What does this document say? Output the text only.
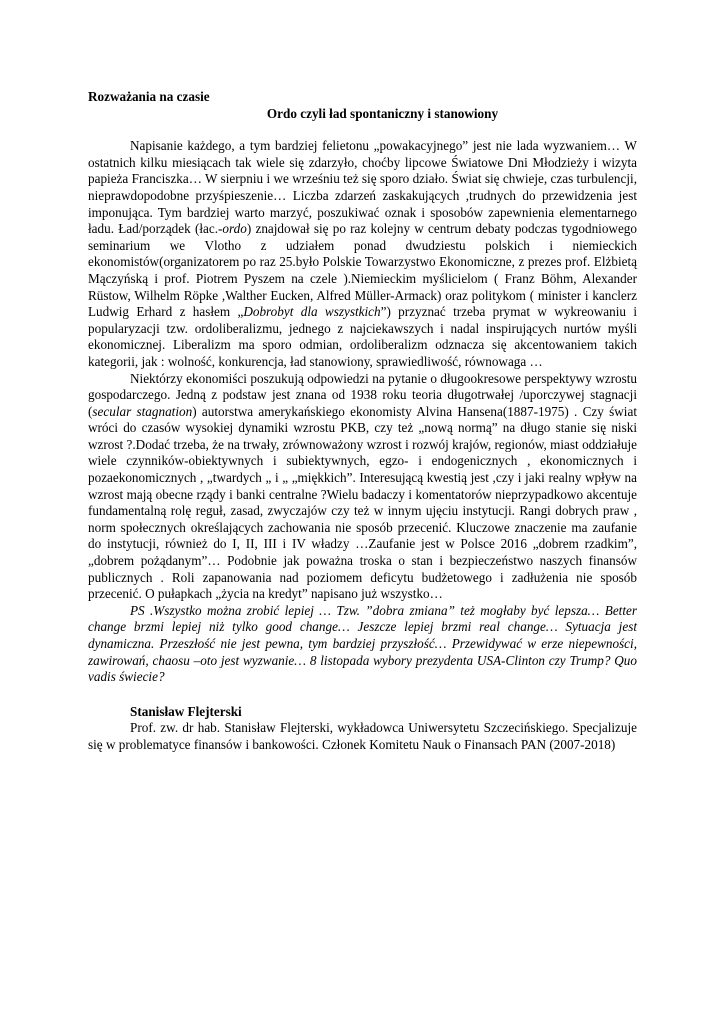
Rozważania na czasie

Ordo czyli ład spontaniczny i stanowiony

Napisanie każdego, a tym bardziej felietonu „powakacyjnego” jest nie lada wyzwaniem… W ostatnich kilku miesiącach tak wiele się zdarzyło, choćby lipcowe Światowe Dni Młodzieży i wizyta papieża Franciszka… W sierpniu i we wrześniu też się sporo działo. Świat się chwieje, czas turbulencji, nieprawdopodobne przyśpieszenie… Liczba zdarzeń zaskakujących ,trudnych do przewidzenia jest imponująca. Tym bardziej warto marzyć, poszukiwać oznak i sposobów zapewnienia elementarnego ładu. Ład/porządek (łac.-ordo) znajdował się po raz kolejny w centrum debaty podczas tygodniowego seminarium we Vlotho z udziałem ponad dwudziestu polskich i niemieckich ekonomistów(organizatorem po raz 25.było Polskie Towarzystwo Ekonomiczne, z prezes prof. Elżbietą Mączyńską i prof. Piotrem Pyszem na czele ).Niemieckim myślicielom ( Franz Böhm, Alexander Rüstow, Wilhelm Röpke ,Walther Eucken, Alfred Müller-Armack) oraz politykom ( minister i kanclerz Ludwig Erhard z hasłem „Dobrobyt dla wszystkich”) przyznać trzeba prymat w wykreowaniu i popularyzacji tzw. ordoliberalizmu, jednego z najciekawszych i nadal inspirujących nurtów myśli ekonomicznej. Liberalizm ma sporo odmian, ordoliberalizm odznacza się akcentowaniem takich kategorii, jak : wolność, konkurencja, ład stanowiony, sprawiedliwość, równowaga …

Niektórzy ekonomiści poszukują odpowiedzi na pytanie o długookresowe perspektywy wzrostu gospodarczego. Jedną z podstaw jest znana od 1938 roku teoria długotrwałej /uporczywej stagnacji (secular stagnation) autorstwa amerykańskiego ekonomisty Alvina Hansena(1887-1975) . Czy świat wróci do czasów wysokiej dynamiki wzrostu PKB, czy też „nową normą” na długo stanie się niski wzrost ?.Dodać trzeba, że na trwały, zrównoważony wzrost i rozwój krajów, regionów, miast oddziałuje wiele czynników-obiektywnych i subiektywnych, egzo- i endogenicznych , ekonomicznych i pozaekonomicznych , „twardych „ i „ „miękkich”. Interesującą kwestią jest ,czy i jaki realny wpływ na wzrost mają obecne rządy i banki centralne ?Wielu badaczy i komentatorów nieprzypadkowo akcentuje fundamentalną rolę reguł, zasad, zwyczajów czy też w innym ujęciu instytucji. Rangi dobrych praw , norm społecznych określających zachowania nie sposób przecenić. Kluczowe znaczenie ma zaufanie do instytucji, również do I, II, III i IV władzy …Zaufanie jest w Polsce 2016 „dobrem rzadkim”, „dobrem pożądanym”… Podobnie jak poważna troska o stan i bezpieczeństwo naszych finansów publicznych . Roli zapanowania nad poziomem deficytu budżetowego i zadłużenia nie sposób przecenić. O pułapkach „życia na kredyt” napisano już wszystko…

PS .Wszystko można zrobić lepiej … Tzw. ”dobra zmiana” też mogłaby być lepsza… Better change brzmi lepiej niż tylko good change… Jeszcze lepiej brzmi real change… Sytuacja jest dynamiczna. Przeszłość nie jest pewna, tym bardziej przyszłość… Przewidywać w erze niepewności, zawirowań, chaosu –oto jest wyzwanie… 8 listopada wybory prezydenta USA-Clinton czy Trump? Quo vadis świecie?

Stanisław Flejterski

Prof. zw. dr hab. Stanisław Flejterski, wykładowca Uniwersytetu Szczecińskiego. Specjalizuje się w problematyce finansów i bankowości. Członek Komitetu Nauk o Finansach PAN (2007-2018)
